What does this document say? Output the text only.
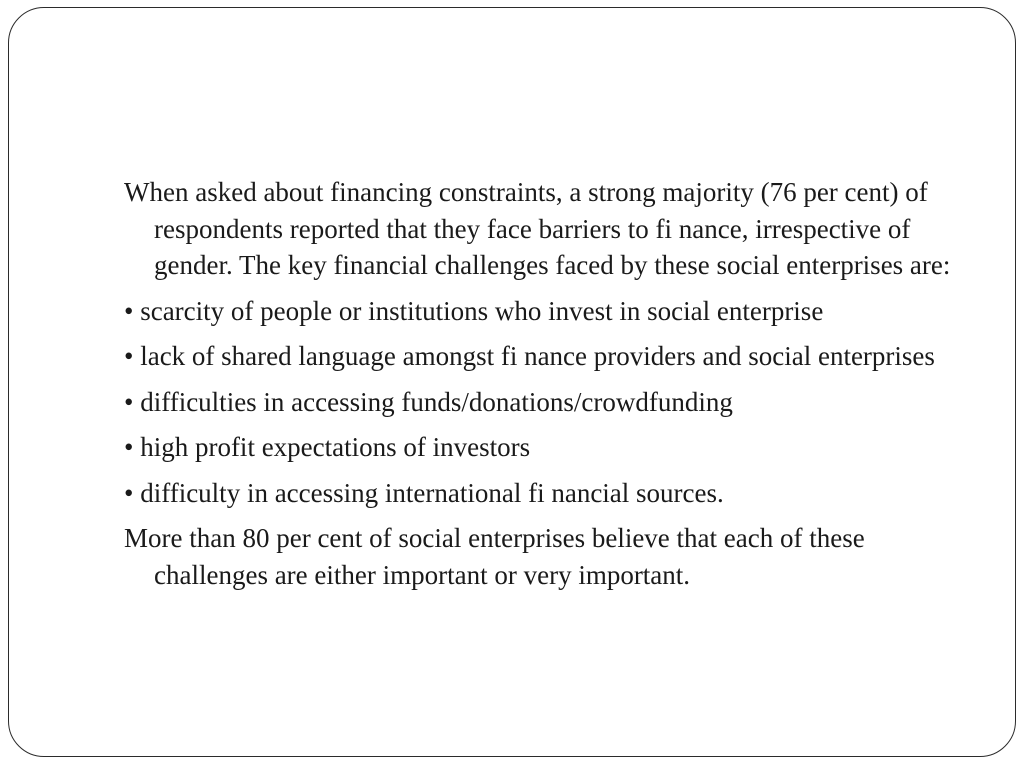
When asked about financing constraints, a strong majority (76 per cent) of respondents reported that they face barriers to fi nance, irrespective of gender. The key financial challenges faced by these social enterprises are:

• scarcity of people or institutions who invest in social enterprise

• lack of shared language amongst fi nance providers and social enterprises

• difficulties in accessing funds/donations/crowdfunding

• high profit expectations of investors

• difficulty in accessing international fi nancial sources.

More than 80 per cent of social enterprises believe that each of these challenges are either important or very important.
